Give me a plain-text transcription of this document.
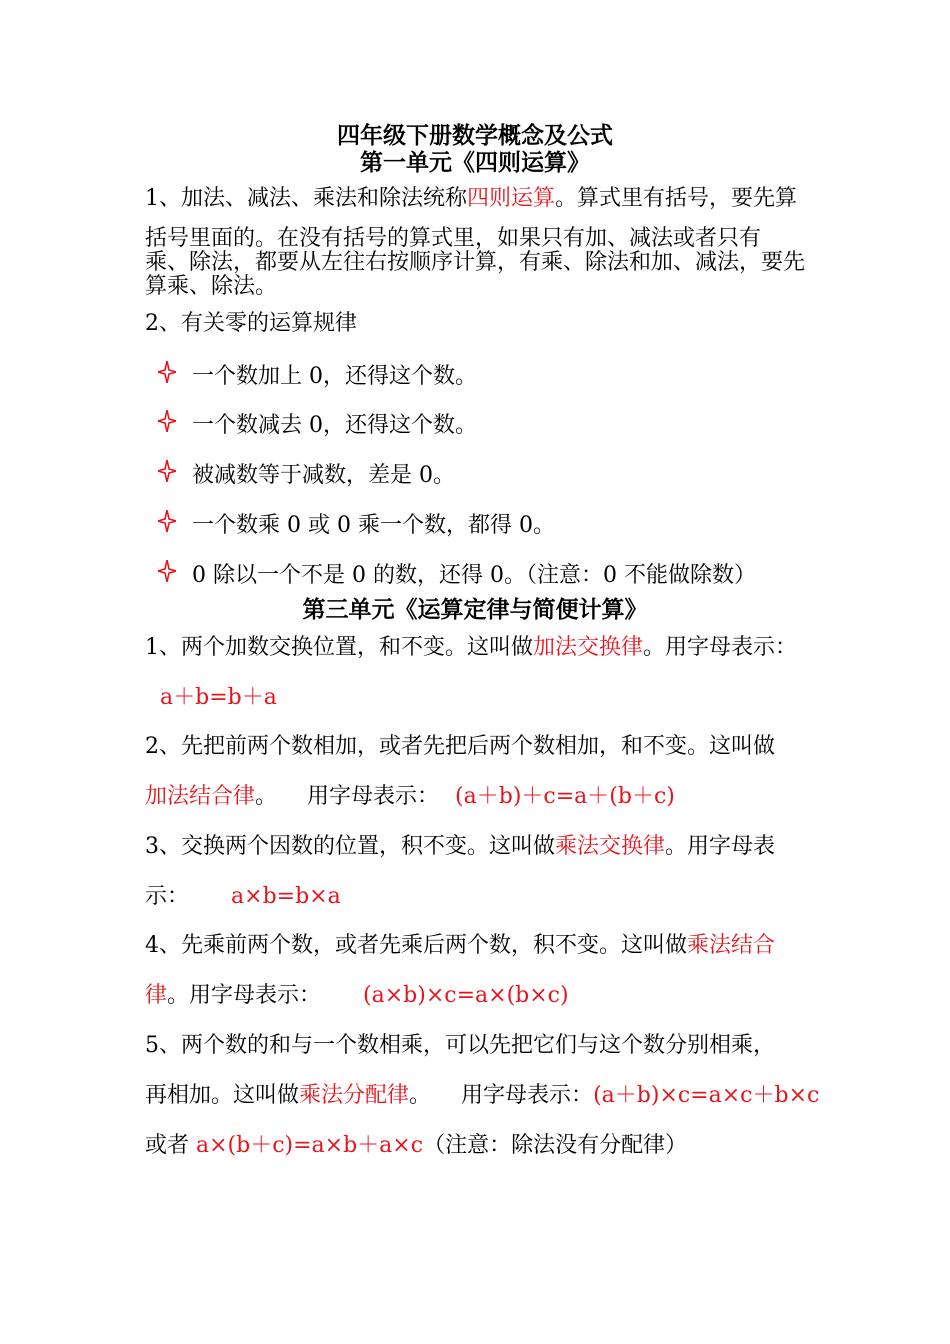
四年级下册数学概念及公式
第一单元《四则运算》
1、加法、减法、乘法和除法统称四则运算。算式里有括号，要先算
括号里面的。在没有括号的算式里，如果只有加、减法或者只有
乘、除法，都要从左往右按顺序计算，有乘、除法和加、减法，要先
算乘、除法。
2、有关零的运算规律
一个数加上 0，还得这个数。
一个数减去 0，还得这个数。
被减数等于减数，差是 0。
一个数乘 0 或 0 乘一个数，都得 0。
0 除以一个不是 0 的数，还得 0。（注意：0 不能做除数）
第三单元《运算定律与简便计算》
1、两个加数交换位置，和不变。这叫做加法交换律。用字母表示：
a＋b=b＋a
2、先把前两个数相加，或者先把后两个数相加，和不变。这叫做
加法结合律。 用字母表示： (a＋b)＋c=a＋(b＋c)
3、交换两个因数的位置，积不变。这叫做乘法交换律。用字母表
示： a×b=b×a
4、先乘前两个数，或者先乘后两个数，积不变。这叫做乘法结合
律。用字母表示： (a×b)×c=a×(b×c)
5、两个数的和与一个数相乘，可以先把它们与这个数分别相乘，
再相加。这叫做乘法分配律。 用字母表示：(a＋b)×c=a×c＋b×c
或者 a×(b＋c)=a×b＋a×c（注意：除法没有分配律）
